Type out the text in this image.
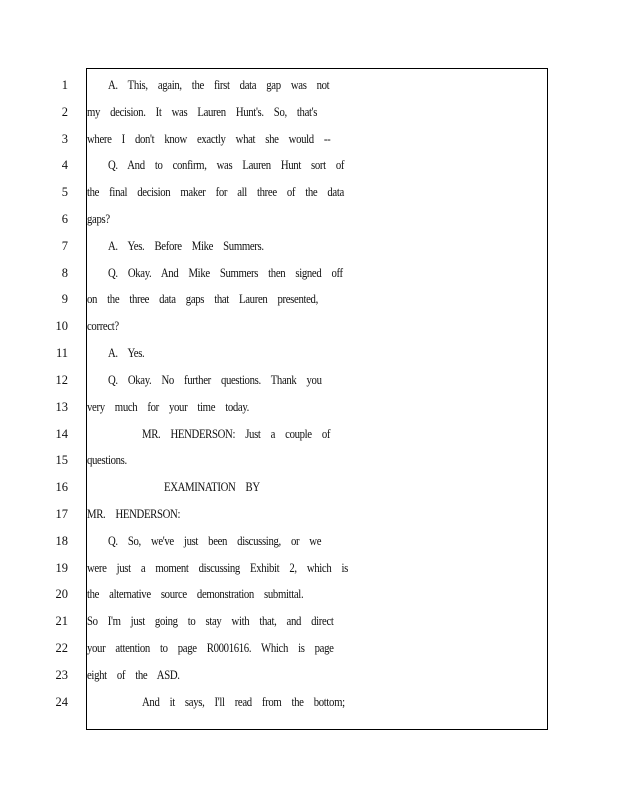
1	A. This, again, the first data gap was not
2 my decision. It was Lauren Hunt's. So, that's
3 where I don't know exactly what she would --
4	Q. And to confirm, was Lauren Hunt sort of
5 the final decision maker for all three of the data
6 gaps?
7	A. Yes. Before Mike Summers.
8	Q. Okay. And Mike Summers then signed off
9 on the three data gaps that Lauren presented,
10 correct?
11	A. Yes.
12	Q. Okay. No further questions. Thank you
13 very much for your time today.
14	MR. HENDERSON: Just a couple of
15 questions.
16	EXAMINATION BY
17 MR. HENDERSON:
18	Q. So, we've just been discussing, or we
19 were just a moment discussing Exhibit 2, which is
20 the alternative source demonstration submittal.
21 So I'm just going to stay with that, and direct
22 your attention to page R0001616. Which is page
23 eight of the ASD.
24	And it says, I'll read from the bottom;
